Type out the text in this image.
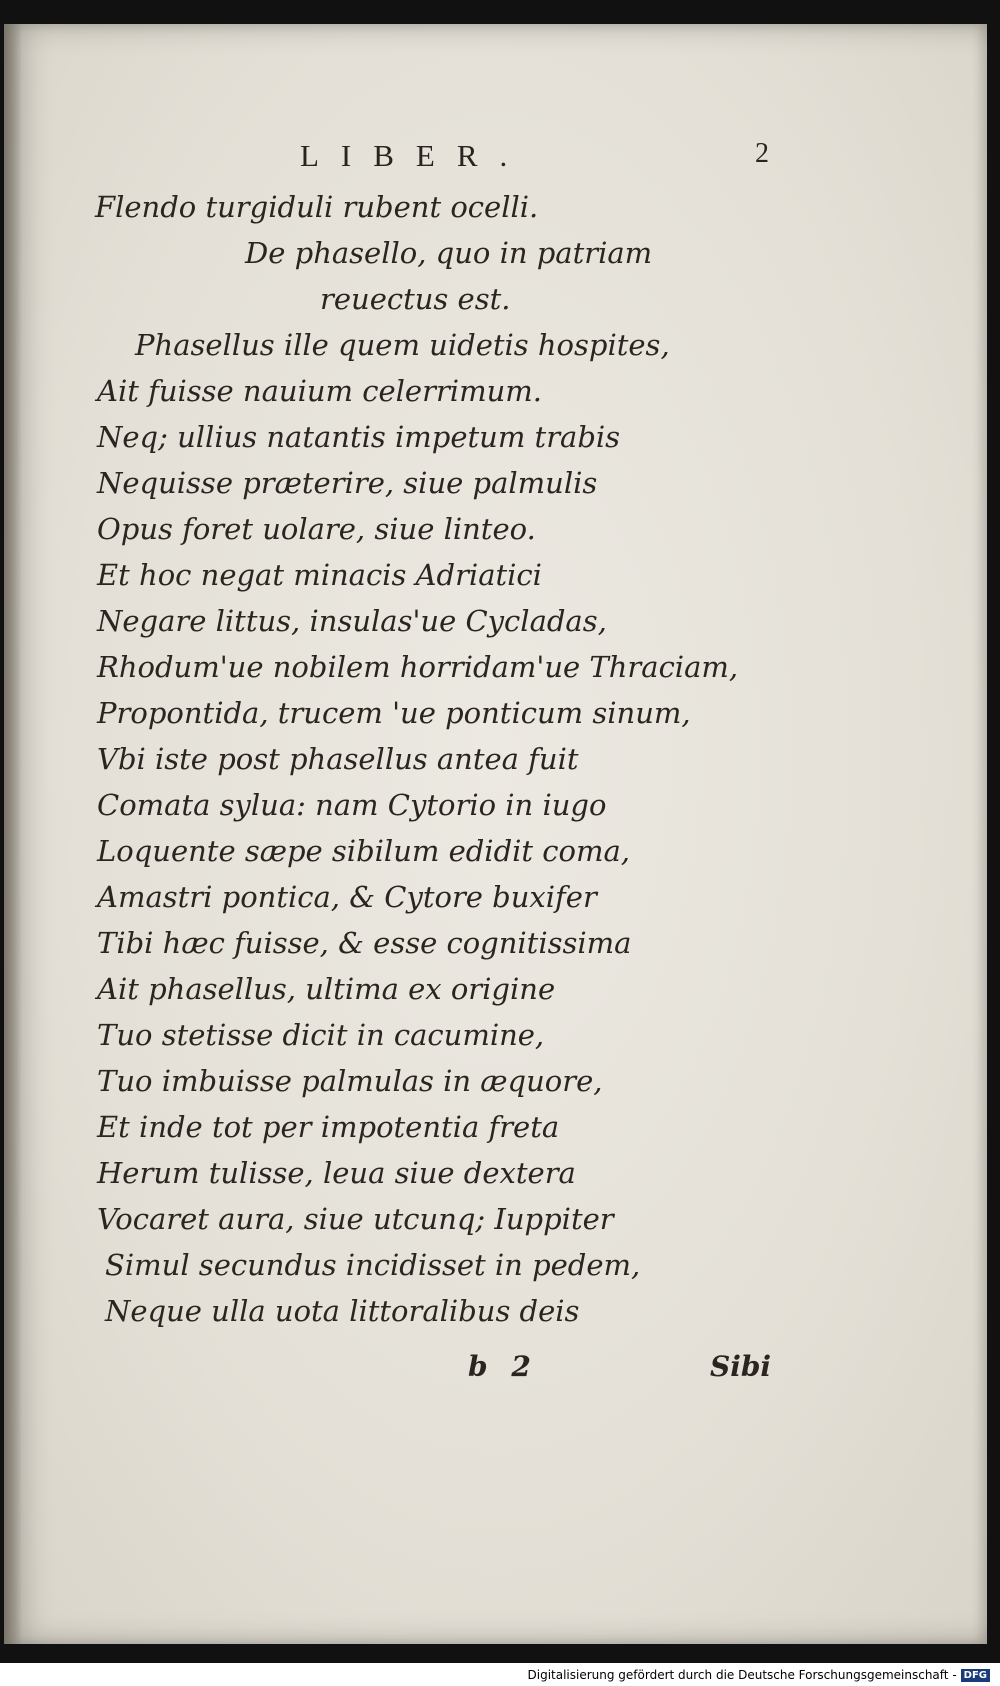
LIBER.	2
Flendo turgiduli rubent ocelli.
De phasello, quo in patriam
reuectus est.
Phasellus ille quem uidetis hospites,
Ait fuisse nauium celerrimum.
Neq; ullius natantis impetum trabis
Nequisse præterire, siue palmulis
Opus foret uolare, siue linteo.
Et hoc negat minacis Adriatici
Negare littus, insulas'ue Cycladas,
Rhodum'ue nobilem horridam'ue Thraciam,
Propontida, trucem 'ue ponticum sinum,
Vbi iste post phasellus antea fuit
Comata sylua: nam Cytorio in iugo
Loquente sæpe sibilum edidit coma,
Amastri pontica, & Cytore buxifer
Tibi hæc fuisse, & esse cognitissima
Ait phasellus, ultima ex origine
Tuo stetisse dicit in cacumine,
Tuo imbuisse palmulas in æquore,
Et inde tot per impotentia freta
Herum tulisse, leua siue dextera
Vocaret aura, siue utcunq; Iuppiter
Simul secundus incidisset in pedem,
Neque ulla uota littoralibus deis
b 2	Sibi
Digitalisierung gefördert durch die Deutsche Forschungsgemeinschaft - DFG
